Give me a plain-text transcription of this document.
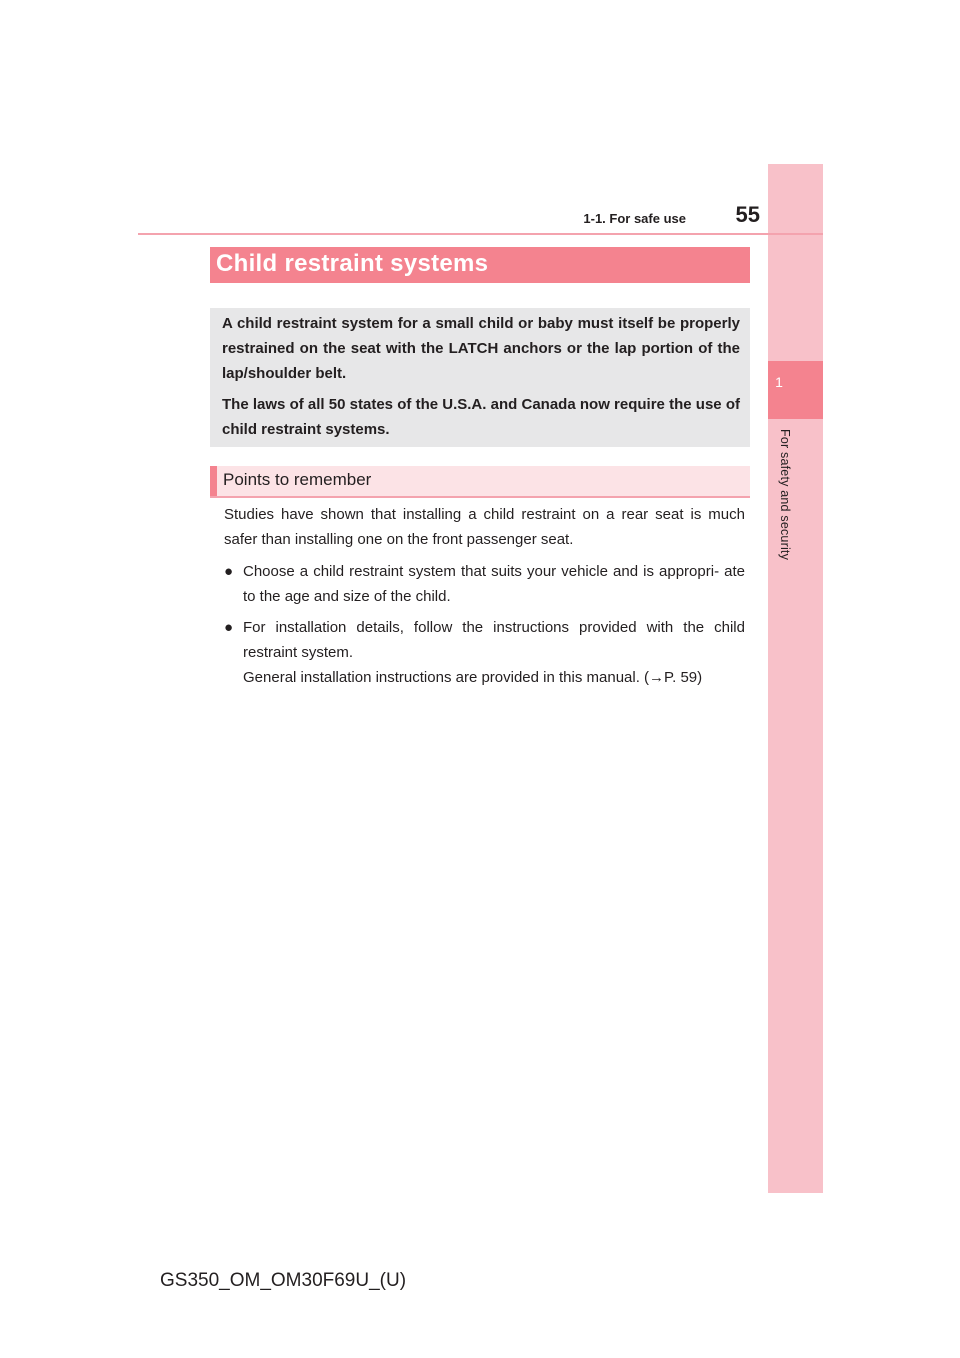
1
For safety and security
1-1. For safe use	55
Child restraint systems

A child restraint system for a small child or baby must itself be properly restrained on the seat with the LATCH anchors or the lap portion of the lap/shoulder belt.

The laws of all 50 states of the U.S.A. and Canada now require the use of child restraint systems.

Points to remember

Studies have shown that installing a child restraint on a rear seat is much safer than installing one on the front passenger seat.

● Choose a child restraint system that suits your vehicle and is appropri- ate to the age and size of the child.

● For installation details, follow the instructions provided with the child restraint system.

General installation instructions are provided in this manual. (→P. 59)

GS350_OM_OM30F69U_(U)
